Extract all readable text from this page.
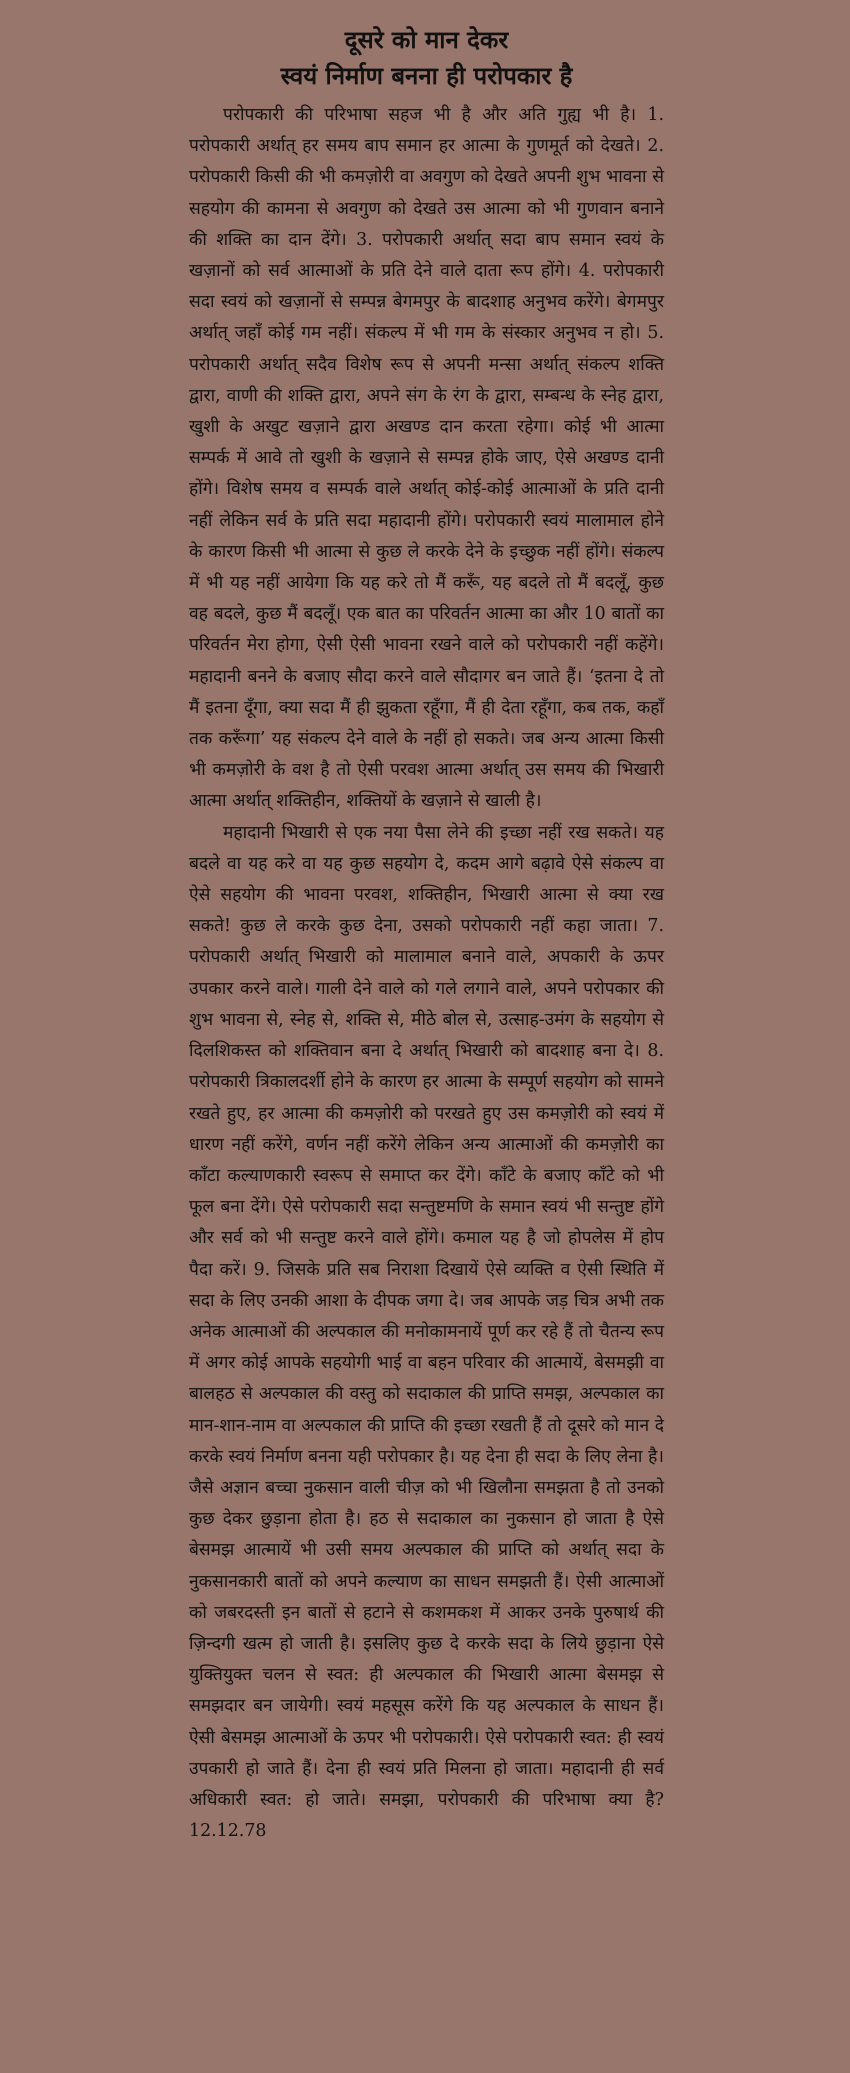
दूसरे को मान देकर
स्वयं निर्माण बनना ही परोपकार है

परोपकारी की परिभाषा सहज भी है और अति गुह्य भी है। 1. परोपकारी अर्थात् हर समय बाप समान हर आत्मा के गुणमूर्त को देखते। 2. परोपकारी किसी की भी कमज़ोरी वा अवगुण को देखते अपनी शुभ भावना से सहयोग की कामना से अवगुण को देखते उस आत्मा को भी गुणवान बनाने की शक्ति का दान देंगे। 3. परोपकारी अर्थात् सदा बाप समान स्वयं के खज़ानों को सर्व आत्माओं के प्रति देने वाले दाता रूप होंगे। 4. परोपकारी सदा स्वयं को खज़ानों से सम्पन्न बेगमपुर के बादशाह अनुभव करेंगे। बेगमपुर अर्थात् जहाँ कोई गम नहीं। संकल्प में भी गम के संस्कार अनुभव न हो। 5. परोपकारी अर्थात् सदैव विशेष रूप से अपनी मन्सा अर्थात् संकल्प शक्ति द्वारा, वाणी की शक्ति द्वारा, अपने संग के रंग के द्वारा, सम्बन्ध के स्नेह द्वारा, खुशी के अखुट खज़ाने द्वारा अखण्ड दान करता रहेगा। कोई भी आत्मा सम्पर्क में आवे तो खुशी के खज़ाने से सम्पन्न होके जाए, ऐसे अखण्ड दानी होंगे। विशेष समय व सम्पर्क वाले अर्थात् कोई-कोई आत्माओं के प्रति दानी नहीं लेकिन सर्व के प्रति सदा महादानी होंगे। परोपकारी स्वयं मालामाल होने के कारण किसी भी आत्मा से कुछ ले करके देने के इच्छुक नहीं होंगे। संकल्प में भी यह नहीं आयेगा कि यह करे तो मैं करूँ, यह बदले तो मैं बदलूँ, कुछ वह बदले, कुछ मैं बदलूँ। एक बात का परिवर्तन आत्मा का और 10 बातों का परिवर्तन मेरा होगा, ऐसी ऐसी भावना रखने वाले को परोपकारी नहीं कहेंगे। महादानी बनने के बजाए सौदा करने वाले सौदागर बन जाते हैं। ‘इतना दे तो मैं इतना दूँगा, क्या सदा मैं ही झुकता रहूँगा, मैं ही देता रहूँगा, कब तक, कहाँ तक करूँगा’ यह संकल्प देने वाले के नहीं हो सकते। जब अन्य आत्मा किसी भी कमज़ोरी के वश है तो ऐसी परवश आत्मा अर्थात् उस समय की भिखारी आत्मा अर्थात् शक्तिहीन, शक्तियों के खज़ाने से खाली है।

महादानी भिखारी से एक नया पैसा लेने की इच्छा नहीं रख सकते। यह बदले वा यह करे वा यह कुछ सहयोग दे, कदम आगे बढ़ावे ऐसे संकल्प वा ऐसे सहयोग की भावना परवश, शक्तिहीन, भिखारी आत्मा से क्या रख सकते! कुछ ले करके कुछ देना, उसको परोपकारी नहीं कहा जाता। 7. परोपकारी अर्थात् भिखारी को मालामाल बनाने वाले, अपकारी के ऊपर उपकार करने वाले। गाली देने वाले को गले लगाने वाले, अपने परोपकार की शुभ भावना से, स्नेह से, शक्ति से, मीठे बोल से, उत्साह-उमंग के सहयोग से दिलशिकस्त को शक्तिवान बना दे अर्थात् भिखारी को बादशाह बना दे। 8. परोपकारी त्रिकालदर्शी होने के कारण हर आत्मा के सम्पूर्ण सहयोग को सामने रखते हुए, हर आत्मा की कमज़ोरी को परखते हुए उस कमज़ोरी को स्वयं में धारण नहीं करेंगे, वर्णन नहीं करेंगे लेकिन अन्य आत्माओं की कमज़ोरी का काँटा कल्याणकारी स्वरूप से समाप्त कर देंगे। काँटे के बजाए काँटे को भी फूल बना देंगे। ऐसे परोपकारी सदा सन्तुष्टमणि के समान स्वयं भी सन्तुष्ट होंगे और सर्व को भी सन्तुष्ट करने वाले होंगे। कमाल यह है जो होपलेस में होप पैदा करें। 9. जिसके प्रति सब निराशा दिखायें ऐसे व्यक्ति व ऐसी स्थिति में सदा के लिए उनकी आशा के दीपक जगा दे। जब आपके जड़ चित्र अभी तक अनेक आत्माओं की अल्पकाल की मनोकामनायें पूर्ण कर रहे हैं तो चैतन्य रूप में अगर कोई आपके सहयोगी भाई वा बहन परिवार की आत्मायें, बेसमझी वा बालहठ से अल्पकाल की वस्तु को सदाकाल की प्राप्ति समझ, अल्पकाल का मान-शान-नाम वा अल्पकाल की प्राप्ति की इच्छा रखती हैं तो दूसरे को मान दे करके स्वयं निर्माण बनना यही परोपकार है। यह देना ही सदा के लिए लेना है। जैसे अज्ञान बच्चा नुकसान वाली चीज़ को भी खिलौना समझता है तो उनको कुछ देकर छुड़ाना होता है। हठ से सदाकाल का नुकसान हो जाता है ऐसे बेसमझ आत्मायें भी उसी समय अल्पकाल की प्राप्ति को अर्थात् सदा के नुकसानकारी बातों को अपने कल्याण का साधन समझती हैं। ऐसी आत्माओं को जबरदस्ती इन बातों से हटाने से कशमकश में आकर उनके पुरुषार्थ की ज़िन्दगी खत्म हो जाती है। इसलिए कुछ दे करके सदा के लिये छुड़ाना ऐसे युक्तियुक्त चलन से स्वत: ही अल्पकाल की भिखारी आत्मा बेसमझ से समझदार बन जायेगी। स्वयं महसूस करेंगे कि यह अल्पकाल के साधन हैं। ऐसी बेसमझ आत्माओं के ऊपर भी परोपकारी। ऐसे परोपकारी स्वत: ही स्वयं उपकारी हो जाते हैं। देना ही स्वयं प्रति मिलना हो जाता। महादानी ही सर्व अधिकारी स्वत: हो जाते। समझा, परोपकारी की परिभाषा क्या है? 12.12.78
